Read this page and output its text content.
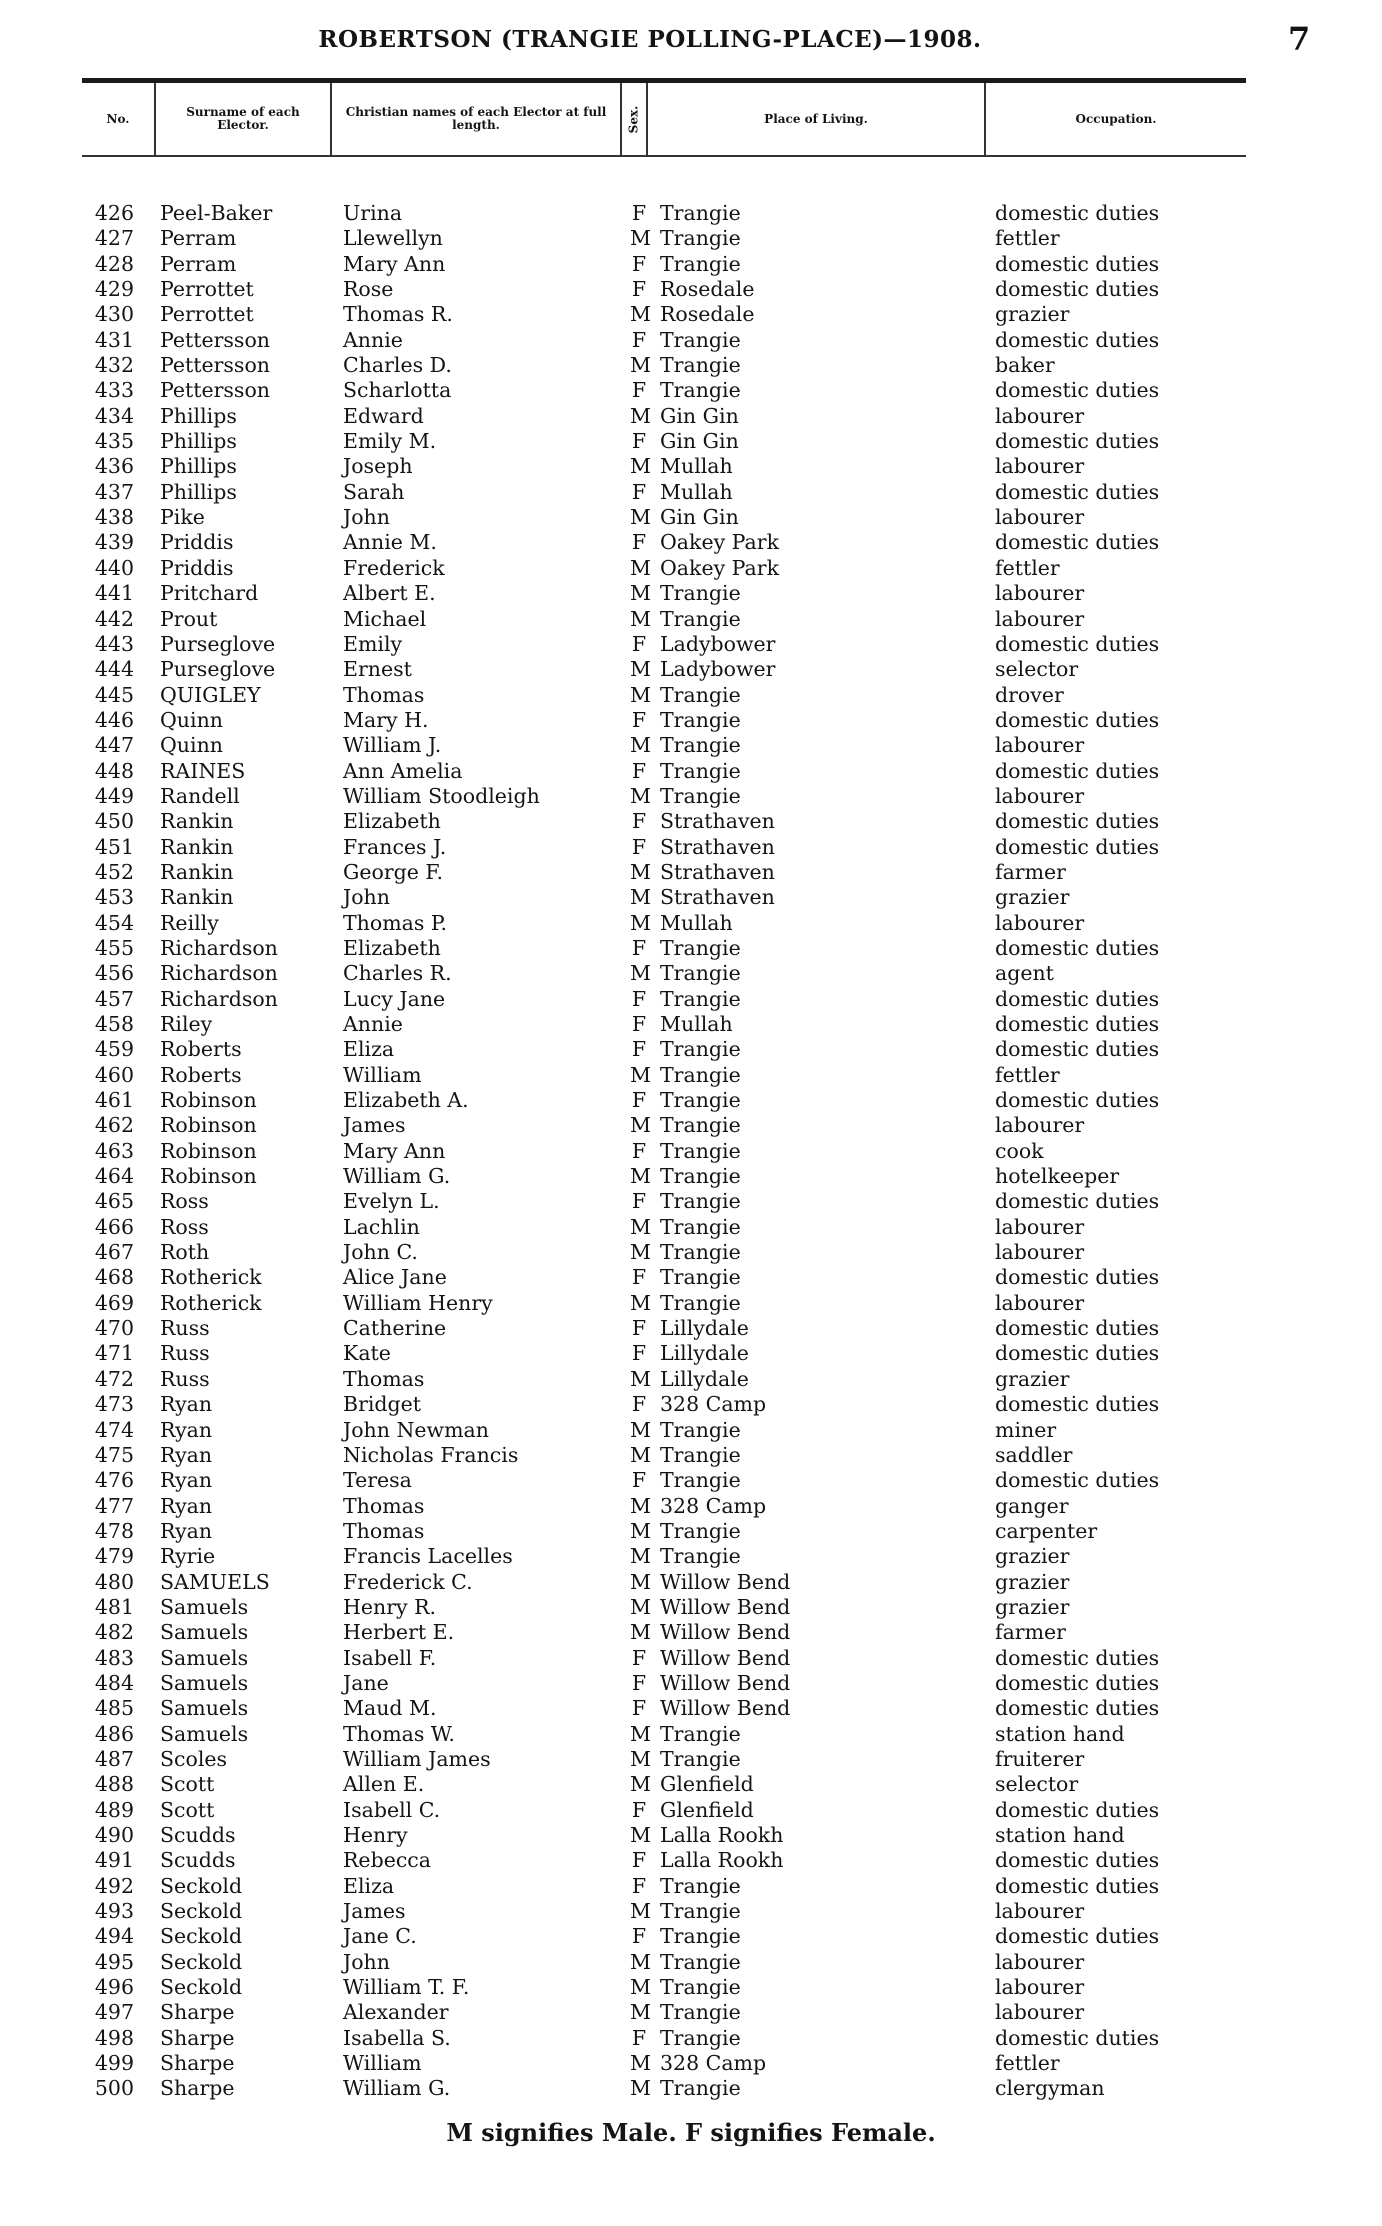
ROBERTSON (TRANGIE POLLING-PLACE)—1908.	7
No.	Surname of each Elector.
Christian names of each Elector at full length.	Sex.	Place of Living.	Occupation.
426 Peel-Baker	Urina	F Trangie	domestic duties
427 Perram	Llewellyn	M Trangie	fettler
428 Perram	Mary Ann	F Trangie	domestic duties
429 Perrottet	Rose	F Rosedale	domestic duties
430 Perrottet	Thomas R.	M Rosedale	grazier
431 Pettersson	Annie	F Trangie	domestic duties
432 Pettersson	Charles D.	M Trangie	baker
433 Pettersson	Scharlotta	F Trangie	domestic duties
434 Phillips	Edward	M Gin Gin	labourer
435 Phillips	Emily M.	F Gin Gin	domestic duties
436 Phillips	Joseph	M Mullah	labourer
437 Phillips	Sarah	F Mullah	domestic duties
438 Pike	John	M Gin Gin	labourer
439 Priddis	Annie M.	F Oakey Park	domestic duties
440 Priddis	Frederick	M Oakey Park	fettler
441 Pritchard	Albert E.	M Trangie	labourer
442 Prout	Michael	M Trangie	labourer
443 Purseglove	Emily	F Ladybower	domestic duties
444 Purseglove	Ernest	M Ladybower	selector
445 QUIGLEY	Thomas	M Trangie	drover
446 Quinn	Mary H.	F Trangie	domestic duties
447 Quinn	William J.	M Trangie	labourer
448 RAINES	Ann Amelia	F Trangie	domestic duties
449 Randell	William Stoodleigh	M Trangie	labourer
450 Rankin	Elizabeth	F Strathaven	domestic duties
451 Rankin	Frances J.	F Strathaven	domestic duties
452 Rankin	George F.	M Strathaven	farmer
453 Rankin	John	M Strathaven	grazier
454 Reilly	Thomas P.	M Mullah	labourer
455 Richardson	Elizabeth	F Trangie	domestic duties
456 Richardson	Charles R.	M Trangie	agent
457 Richardson	Lucy Jane	F Trangie	domestic duties
458 Riley	Annie	F Mullah	domestic duties
459 Roberts	Eliza	F Trangie	domestic duties
460 Roberts	William	M Trangie	fettler
461 Robinson	Elizabeth A.	F Trangie	domestic duties
462 Robinson	James	M Trangie	labourer
463 Robinson	Mary Ann	F Trangie	cook
464 Robinson	William G.	M Trangie	hotelkeeper
465 Ross	Evelyn L.	F Trangie	domestic duties
466 Ross	Lachlin	M Trangie	labourer
467 Roth	John C.	M Trangie	labourer
468 Rotherick	Alice Jane	F Trangie	domestic duties
469 Rotherick	William Henry	M Trangie	labourer
470 Russ	Catherine	F Lillydale	domestic duties
471 Russ	Kate	F Lillydale	domestic duties
472 Russ	Thomas	M Lillydale	grazier
473 Ryan	Bridget	F 328 Camp	domestic duties
474 Ryan	John Newman	M Trangie	miner
475 Ryan	Nicholas Francis	M Trangie	saddler
476 Ryan	Teresa	F Trangie	domestic duties
477 Ryan	Thomas	M 328 Camp	ganger
478 Ryan	Thomas	M Trangie	carpenter
479 Ryrie	Francis Lacelles	M Trangie	grazier
480 SAMUELS	Frederick C.	M Willow Bend	grazier
481 Samuels	Henry R.	M Willow Bend	grazier
482 Samuels	Herbert E.	M Willow Bend	farmer
483 Samuels	Isabell F.	F Willow Bend	domestic duties
484 Samuels	Jane	F Willow Bend	domestic duties
485 Samuels	Maud M.	F Willow Bend	domestic duties
486 Samuels	Thomas W.	M Trangie	station hand
487 Scoles	William James	M Trangie	fruiterer
488 Scott	Allen E.	M Glenfield	selector
489 Scott	Isabell C.	F Glenfield	domestic duties
490 Scudds	Henry	M Lalla Rookh	station hand
491 Scudds	Rebecca	F Lalla Rookh	domestic duties
492 Seckold	Eliza	F Trangie	domestic duties
493 Seckold	James	M Trangie	labourer
494 Seckold	Jane C.	F Trangie	domestic duties
495 Seckold	John	M Trangie	labourer
496 Seckold	William T. F.	M Trangie	labourer
497 Sharpe	Alexander	M Trangie	labourer
498 Sharpe	Isabella S.	F Trangie	domestic duties
499 Sharpe	William	M 328 Camp	fettler
500 Sharpe	William G.	M Trangie	clergyman
M signifies Male. F signifies Female.
